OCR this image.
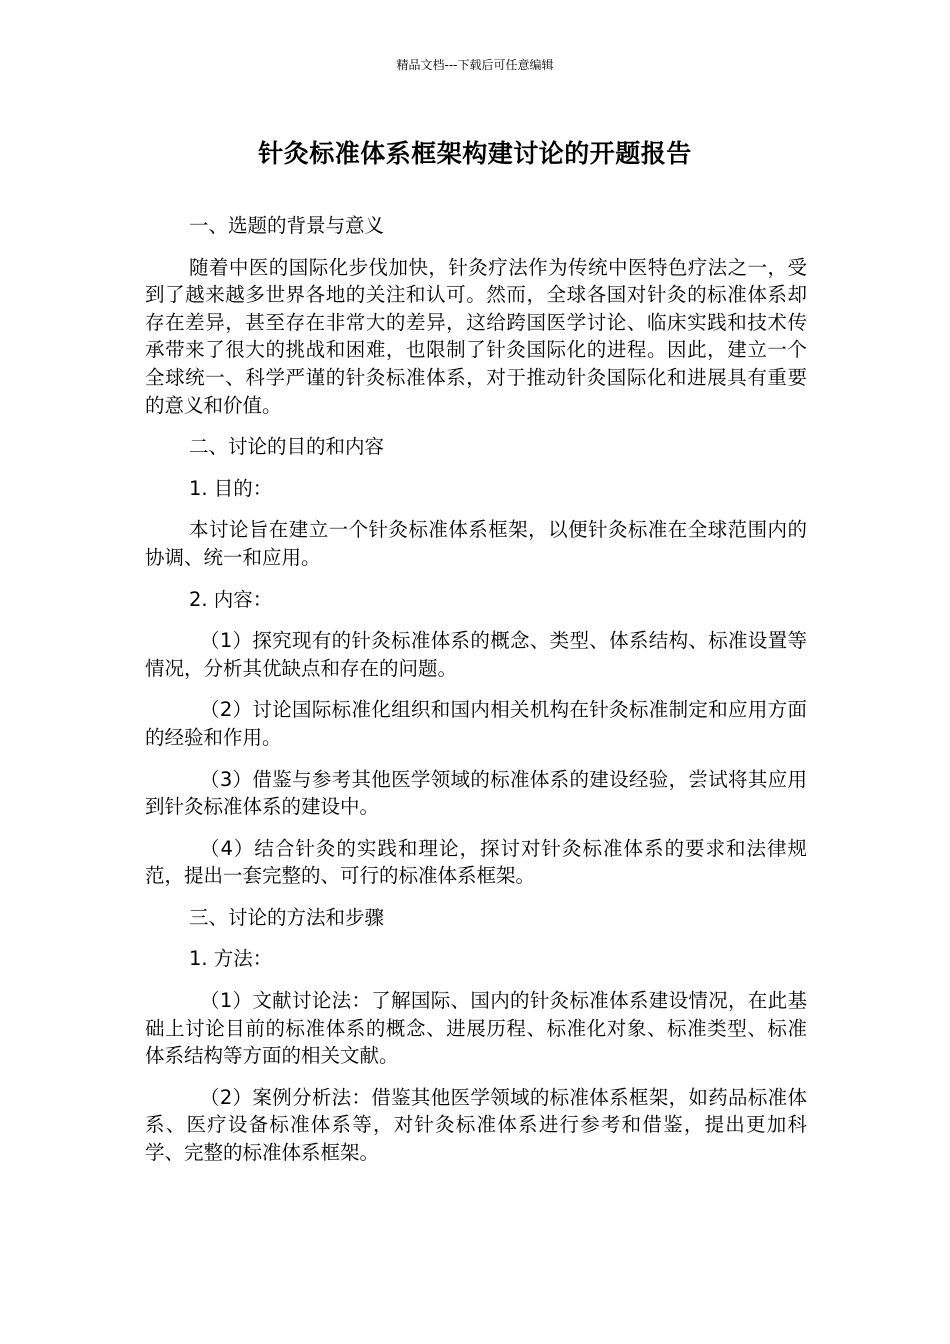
精品文档---下载后可任意编辑
针灸标准体系框架构建讨论的开题报告

一、选题的背景与意义

随着中医的国际化步伐加快，针灸疗法作为传统中医特色疗法之一，受到了越来越多世界各地的关注和认可。然而，全球各国对针灸的标准体系却存在差异，甚至存在非常大的差异，这给跨国医学讨论、临床实践和技术传承带来了很大的挑战和困难，也限制了针灸国际化的进程。因此，建立一个全球统一、科学严谨的针灸标准体系，对于推动针灸国际化和进展具有重要的意义和价值。

二、讨论的目的和内容

1. 目的：

本讨论旨在建立一个针灸标准体系框架，以便针灸标准在全球范围内的协调、统一和应用。

2. 内容：

（1）探究现有的针灸标准体系的概念、类型、体系结构、标准设置等情况，分析其优缺点和存在的问题。

（2）讨论国际标准化组织和国内相关机构在针灸标准制定和应用方面的经验和作用。

（3）借鉴与参考其他医学领域的标准体系的建设经验，尝试将其应用到针灸标准体系的建设中。

（4）结合针灸的实践和理论，探讨对针灸标准体系的要求和法律规范，提出一套完整的、可行的标准体系框架。

三、讨论的方法和步骤

1. 方法：

（1）文献讨论法：了解国际、国内的针灸标准体系建设情况，在此基础上讨论目前的标准体系的概念、进展历程、标准化对象、标准类型、标准体系结构等方面的相关文献。

（2）案例分析法：借鉴其他医学领域的标准体系框架，如药品标准体系、医疗设备标准体系等，对针灸标准体系进行参考和借鉴，提出更加科学、完整的标准体系框架。
